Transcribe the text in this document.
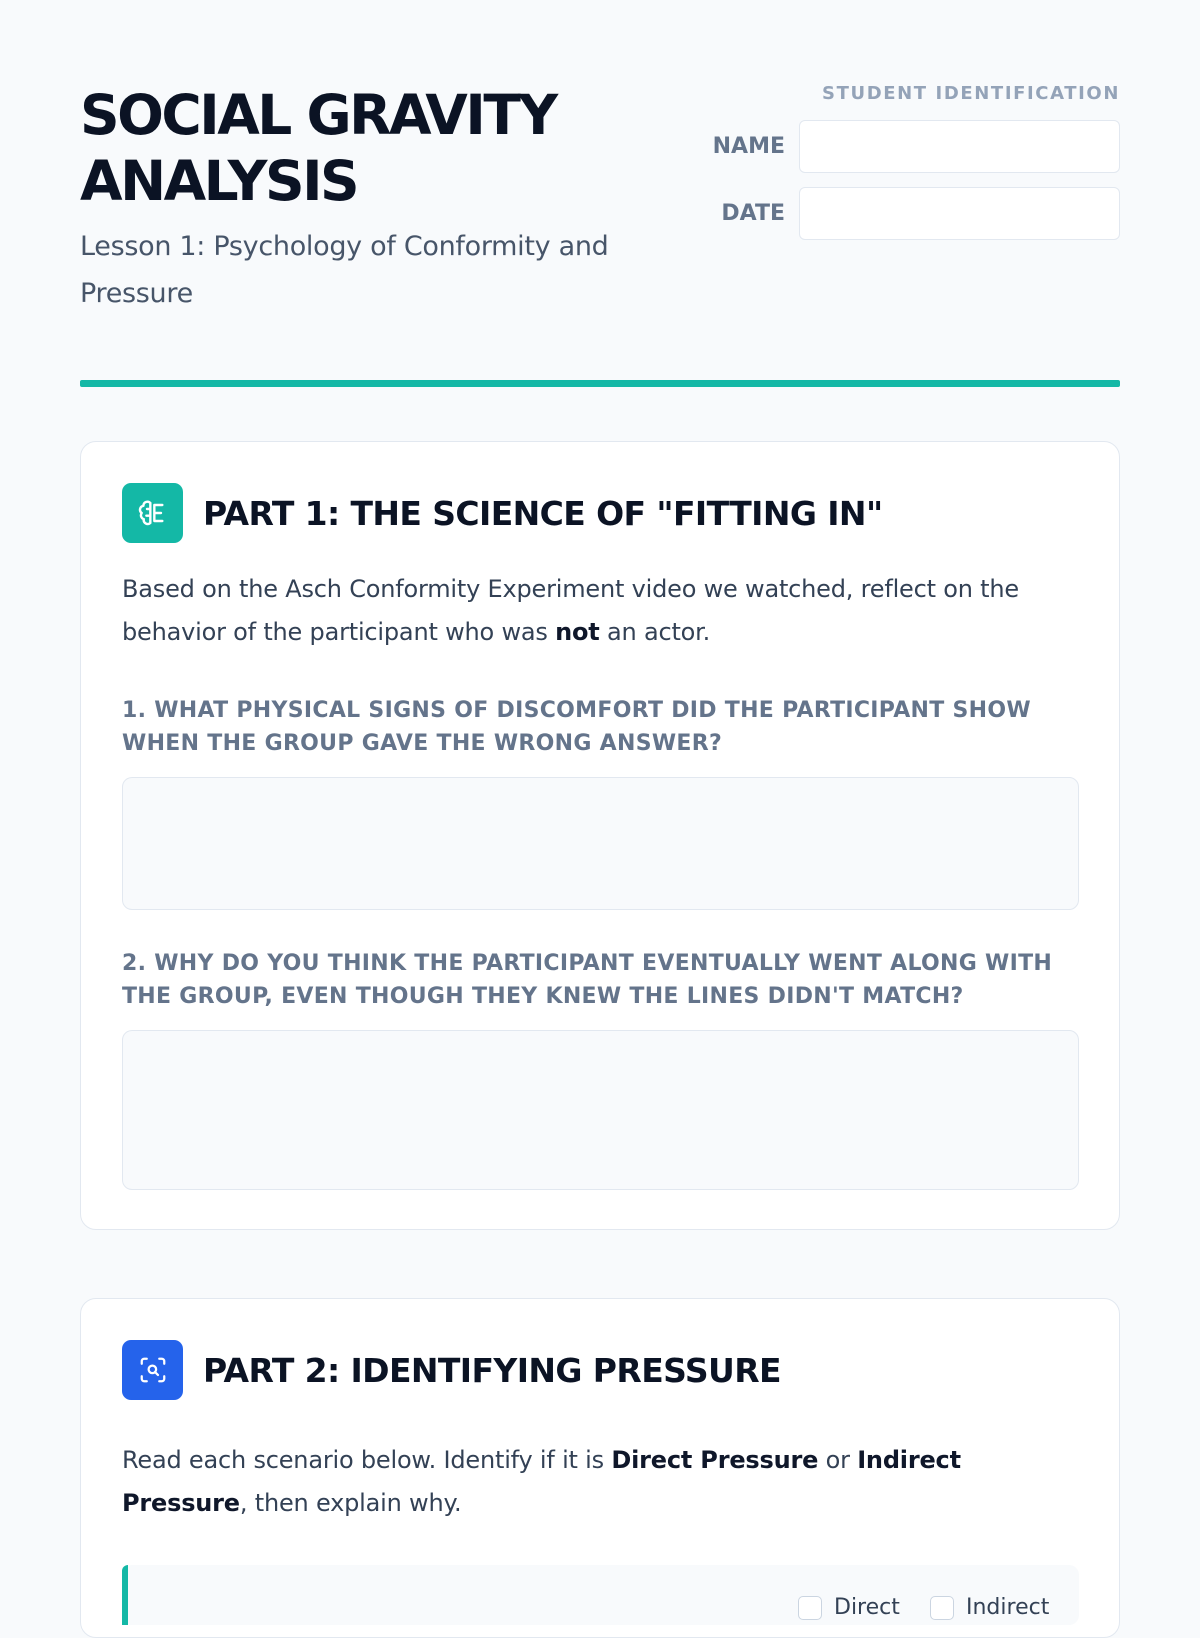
SOCIAL GRAVITY ANALYSIS
Lesson 1: Psychology of Conformity and Pressure
STUDENT IDENTIFICATION
NAME
DATE
PART 1: THE SCIENCE OF "FITTING IN"

Based on the Asch Conformity Experiment video we watched, reflect on the behavior of the participant who was not an actor.

1. WHAT PHYSICAL SIGNS OF DISCOMFORT DID THE PARTICIPANT SHOW WHEN THE GROUP GAVE THE WRONG ANSWER?
2. WHY DO YOU THINK THE PARTICIPANT EVENTUALLY WENT ALONG WITH THE GROUP, EVEN THOUGH THEY KNEW THE LINES DIDN'T MATCH?
PART 2: IDENTIFYING PRESSURE

Read each scenario below. Identify if it is Direct Pressure or Indirect Pressure, then explain why.

Direct	Indirect
